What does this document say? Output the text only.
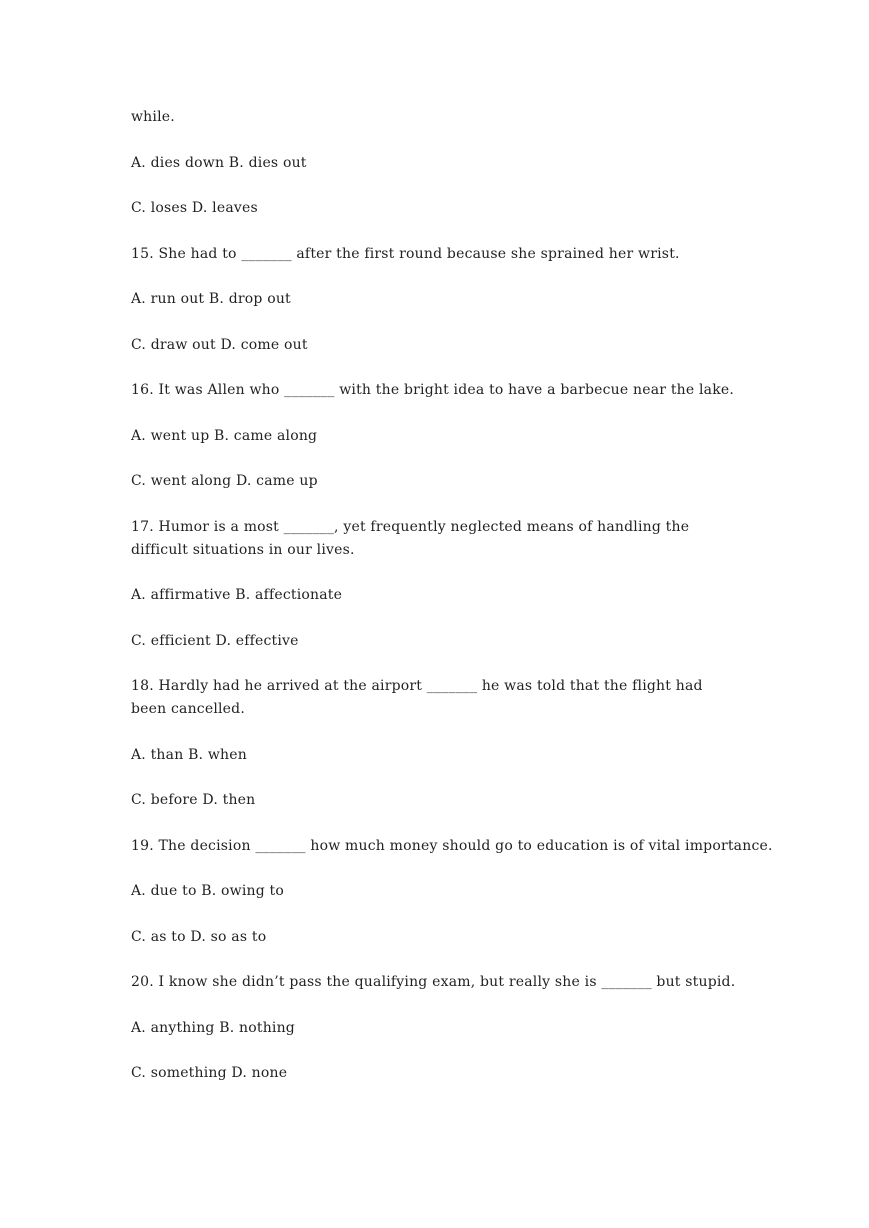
while.
A. dies down B. dies out
C. loses D. leaves
15. She had to _______ after the first round because she sprained her wrist.
A. run out B. drop out
C. draw out D. come out
16. It was Allen who _______ with the bright idea to have a barbecue near the lake.
A. went up B. came along
C. went along D. came up
17. Humor is a most _______, yet frequently neglected means of handling the difficult situations in our lives.
A. affirmative B. affectionate
C. efficient D. effective
18. Hardly had he arrived at the airport _______ he was told that the flight had been cancelled.
A. than B. when
C. before D. then
19. The decision _______ how much money should go to education is of vital importance.
A. due to B. owing to
C. as to D. so as to
20. I know she didn’t pass the qualifying exam, but really she is _______ but stupid.
A. anything B. nothing
C. something D. none
